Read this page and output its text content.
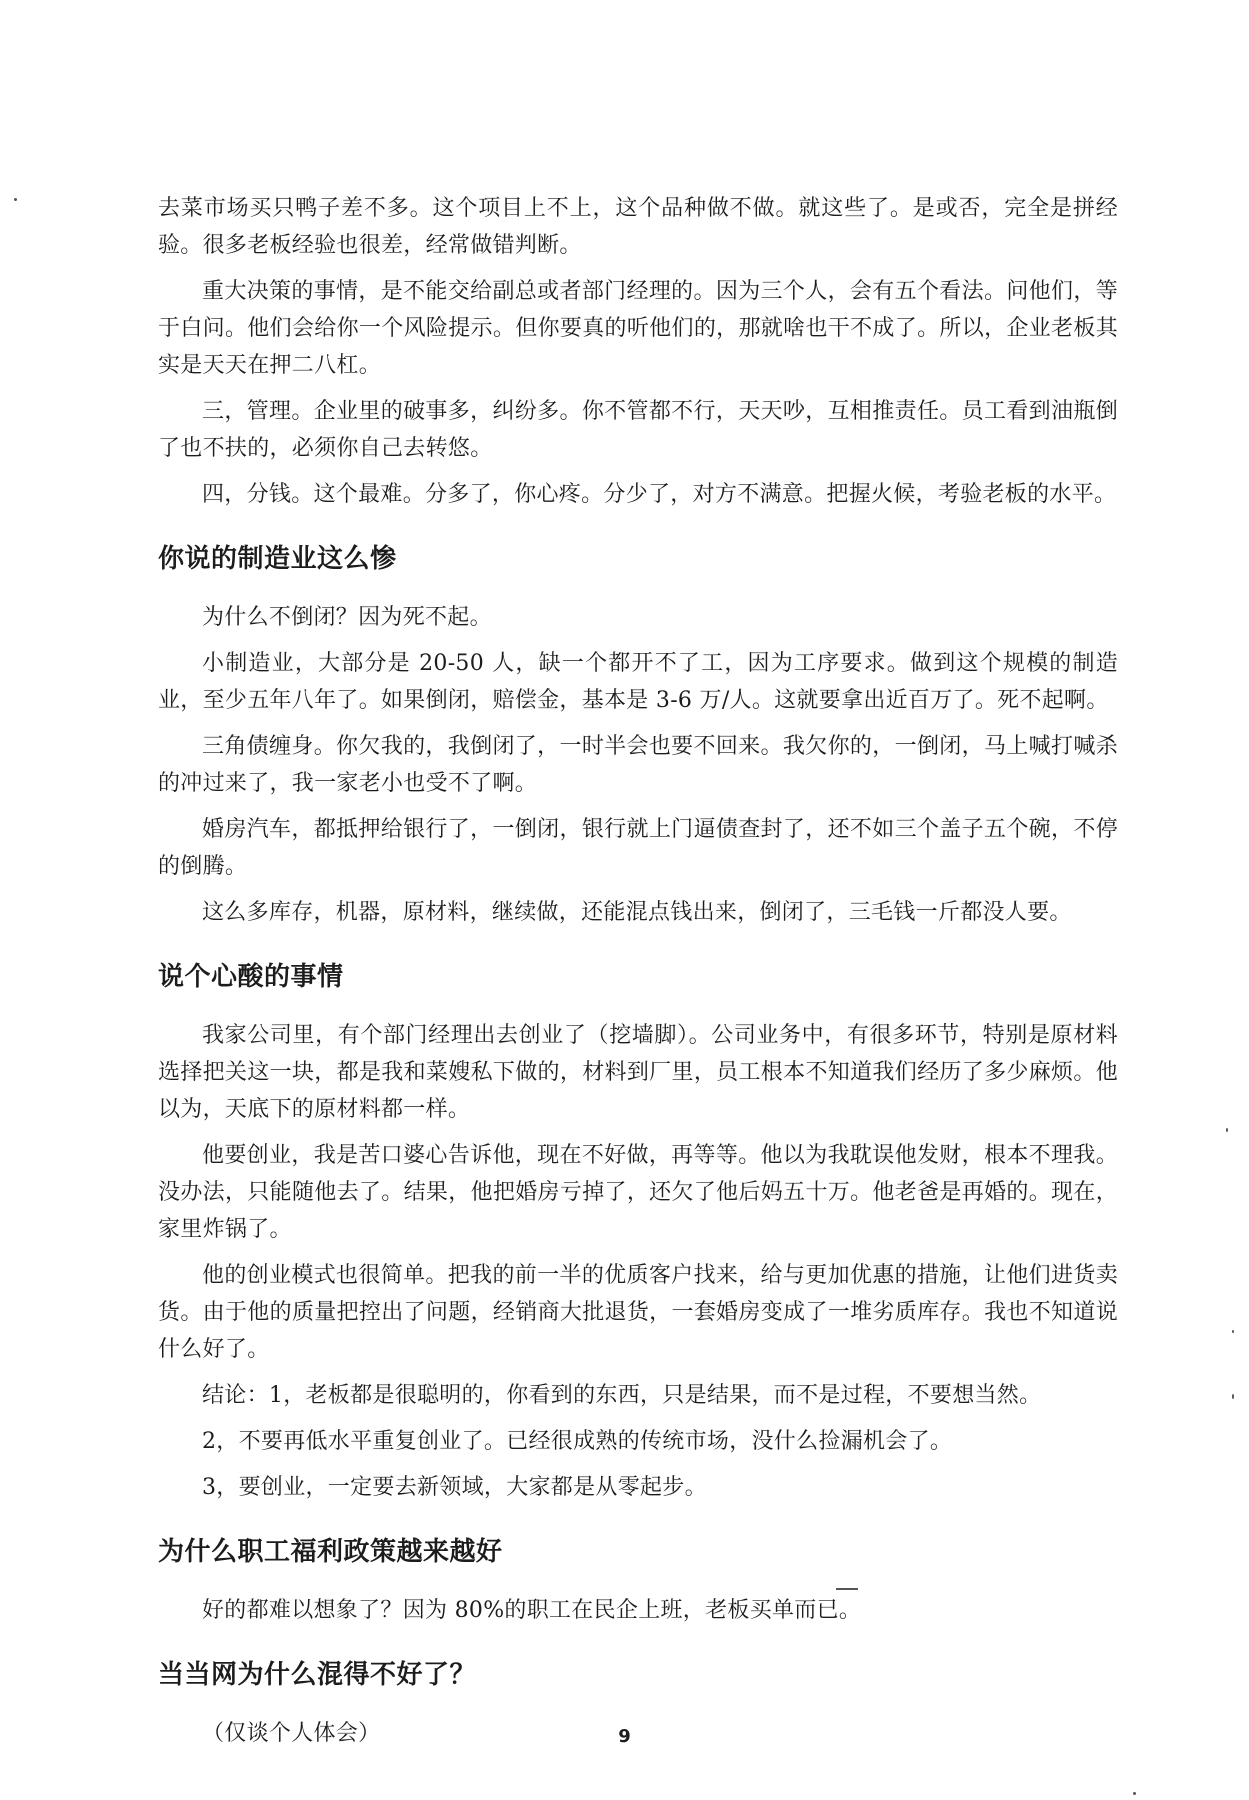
去菜市场买只鸭子差不多。这个项目上不上，这个品种做不做。就这些了。是或否，完全是拼经验。很多老板经验也很差，经常做错判断。

重大决策的事情，是不能交给副总或者部门经理的。因为三个人，会有五个看法。问他们，等于白问。他们会给你一个风险提示。但你要真的听他们的，那就啥也干不成了。所以，企业老板其实是天天在押二八杠。

三，管理。企业里的破事多，纠纷多。你不管都不行，天天吵，互相推责任。员工看到油瓶倒了也不扶的，必须你自己去转悠。

四，分钱。这个最难。分多了，你心疼。分少了，对方不满意。把握火候，考验老板的水平。

你说的制造业这么惨

为什么不倒闭？因为死不起。

小制造业，大部分是 20-50 人，缺一个都开不了工，因为工序要求。做到这个规模的制造业，至少五年八年了。如果倒闭，赔偿金，基本是 3-6 万/人。这就要拿出近百万了。死不起啊。

三角债缠身。你欠我的，我倒闭了，一时半会也要不回来。我欠你的，一倒闭，马上喊打喊杀的冲过来了，我一家老小也受不了啊。

婚房汽车，都抵押给银行了，一倒闭，银行就上门逼债查封了，还不如三个盖子五个碗，不停的倒腾。

这么多库存，机器，原材料，继续做，还能混点钱出来，倒闭了，三毛钱一斤都没人要。

说个心酸的事情

我家公司里，有个部门经理出去创业了（挖墙脚）。公司业务中，有很多环节，特别是原材料选择把关这一块，都是我和菜嫂私下做的，材料到厂里，员工根本不知道我们经历了多少麻烦。他以为，天底下的原材料都一样。

他要创业，我是苦口婆心告诉他，现在不好做，再等等。他以为我耽误他发财，根本不理我。没办法，只能随他去了。结果，他把婚房亏掉了，还欠了他后妈五十万。他老爸是再婚的。现在，家里炸锅了。

他的创业模式也很简单。把我的前一半的优质客户找来，给与更加优惠的措施，让他们进货卖货。由于他的质量把控出了问题，经销商大批退货，一套婚房变成了一堆劣质库存。我也不知道说什么好了。

结论：1，老板都是很聪明的，你看到的东西，只是结果，而不是过程，不要想当然。

2，不要再低水平重复创业了。已经很成熟的传统市场，没什么捡漏机会了。

3，要创业，一定要去新领域，大家都是从零起步。

为什么职工福利政策越来越好

好的都难以想象了？因为 80%的职工在民企上班，老板买单而已。

当当网为什么混得不好了？

（仅谈个人体会）	9
